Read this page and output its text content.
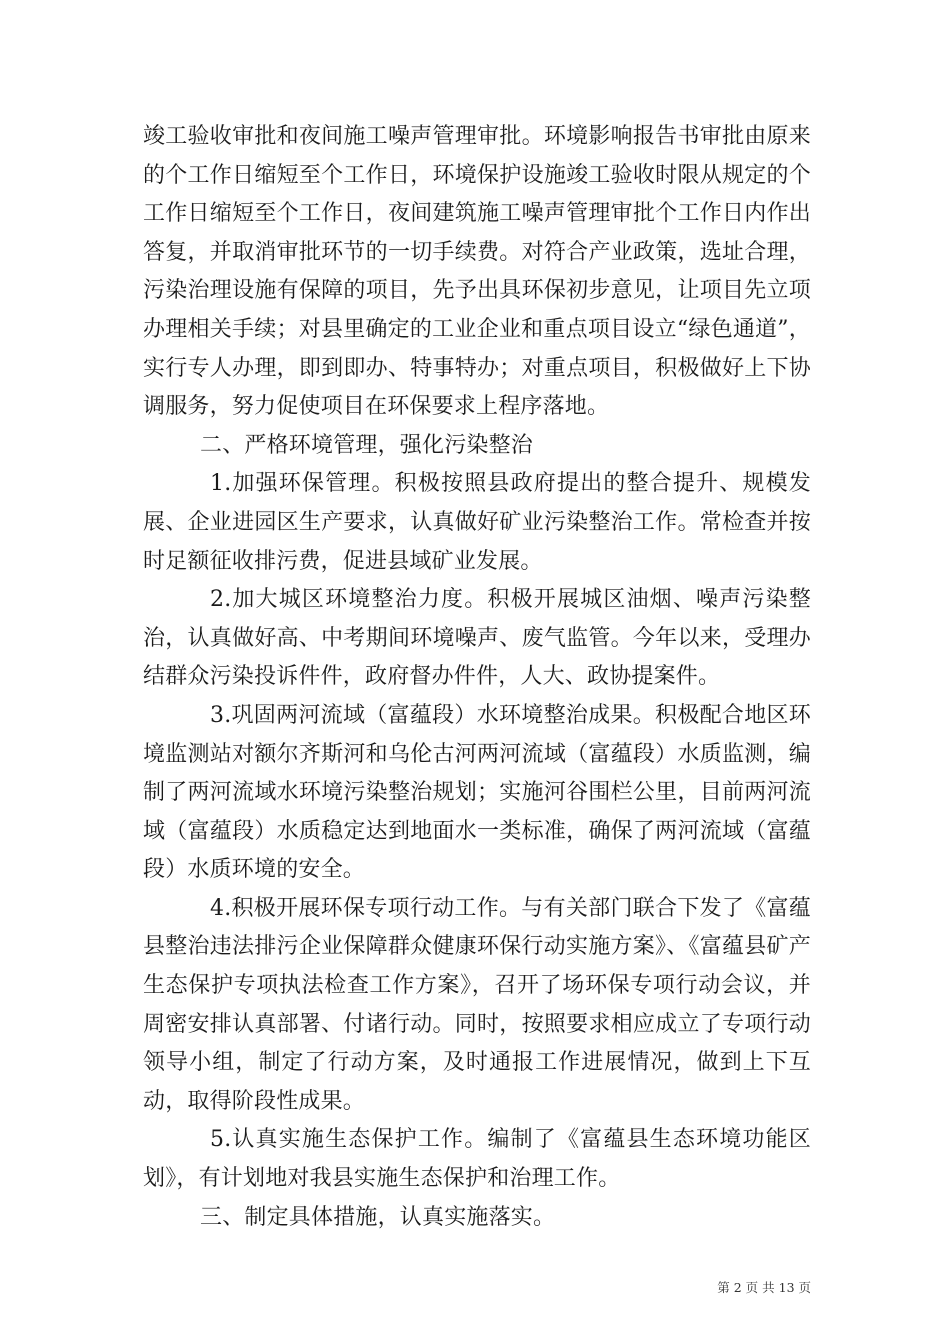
竣工验收审批和夜间施工噪声管理审批。环境影响报告书审批由原来的个工作日缩短至个工作日，环境保护设施竣工验收时限从规定的个工作日缩短至个工作日，夜间建筑施工噪声管理审批个工作日内作出答复，并取消审批环节的一切手续费。对符合产业政策，选址合理，污染治理设施有保障的项目，先予出具环保初步意见，让项目先立项办理相关手续；对县里确定的工业企业和重点项目设立“绿色通道”，实行专人办理，即到即办、特事特办；对重点项目，积极做好上下协调服务，努力促使项目在环保要求上程序落地。

二、严格环境管理，强化污染整治

1.加强环保管理。积极按照县政府提出的整合提升、规模发展、企业进园区生产要求，认真做好矿业污染整治工作。常检查并按时足额征收排污费，促进县域矿业发展。

2.加大城区环境整治力度。积极开展城区油烟、噪声污染整治，认真做好高、中考期间环境噪声、废气监管。今年以来，受理办结群众污染投诉件件，政府督办件件，人大、政协提案件。

3.巩固两河流域（富蕴段）水环境整治成果。积极配合地区环境监测站对额尔齐斯河和乌伦古河两河流域（富蕴段）水质监测，编制了两河流域水环境污染整治规划；实施河谷围栏公里，目前两河流域（富蕴段）水质稳定达到地面水一类标准，确保了两河流域（富蕴段）水质环境的安全。

4.积极开展环保专项行动工作。与有关部门联合下发了《富蕴县整治违法排污企业保障群众健康环保行动实施方案》、《富蕴县矿产生态保护专项执法检查工作方案》，召开了场环保专项行动会议，并周密安排认真部署、付诸行动。同时，按照要求相应成立了专项行动领导小组，制定了行动方案，及时通报工作进展情况，做到上下互动，取得阶段性成果。

5.认真实施生态保护工作。编制了《富蕴县生态环境功能区划》，有计划地对我县实施生态保护和治理工作。

三、制定具体措施，认真实施落实。

第 2 页 共 13 页
